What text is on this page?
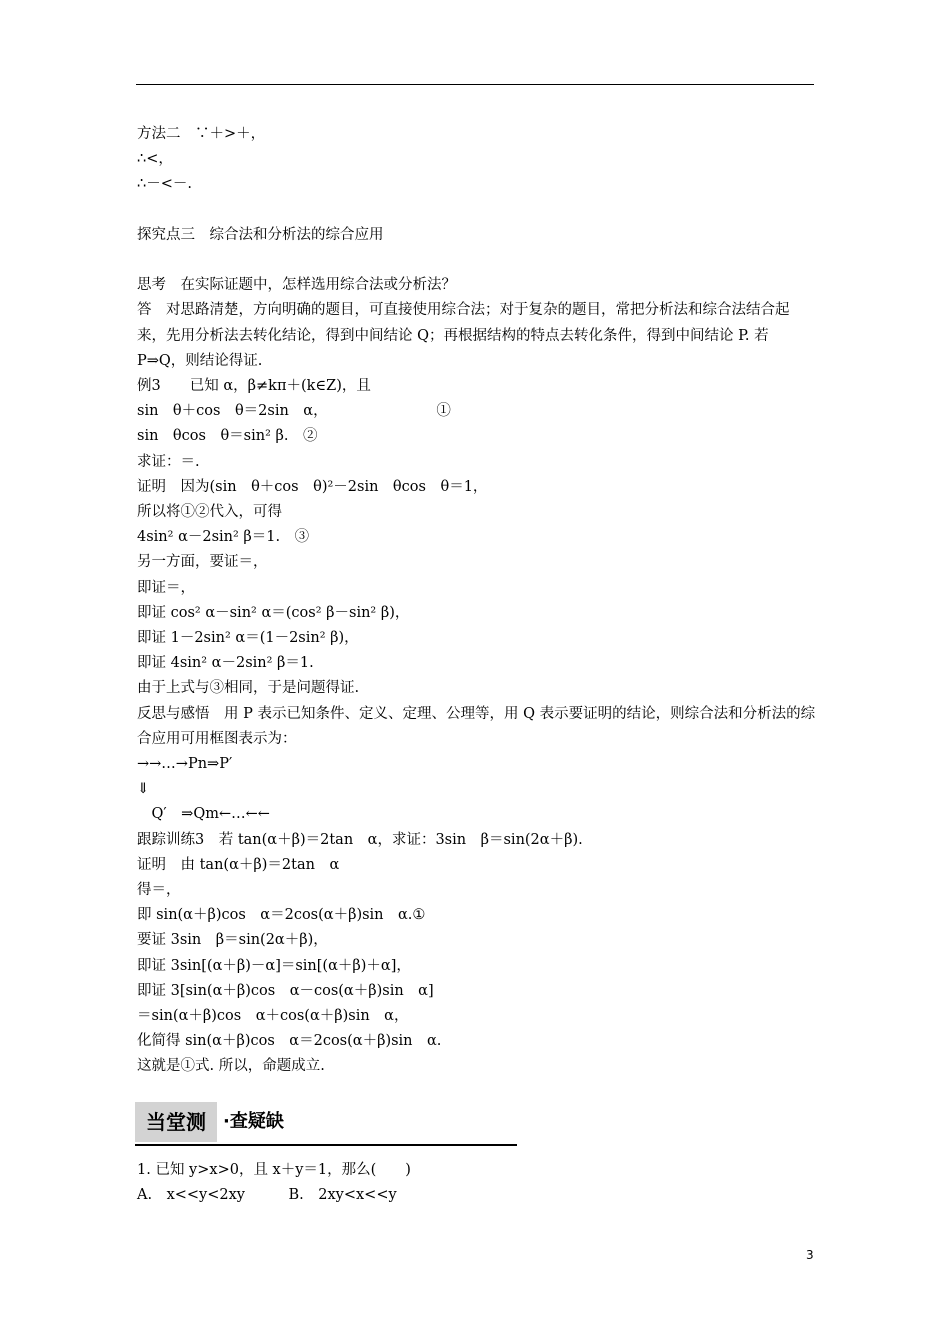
方法二　∵＋>＋，
∴<，
∴－<－.
探究点三　综合法和分析法的综合应用
思考　在实际证题中，怎样选用综合法或分析法？
答　对思路清楚，方向明确的题目，可直接使用综合法；对于复杂的题目，常把分析法和综合法结合起来，先用分析法去转化结论，得到中间结论 Q；再根据结构的特点去转化条件，得到中间结论 P. 若 P⇒Q，则结论得证.
例3　　已知 α，β≠kπ＋(k∈Z)，且
sin　θ＋cos　θ＝2sin　α，　　　　　　　　①
sin　θcos　θ＝sin² β.　②
求证：＝.
证明　因为(sin　θ＋cos　θ)²－2sin　θcos　θ＝1，
所以将①②代入，可得
4sin² α－2sin² β＝1.　③
另一方面，要证＝，
即证＝，
即证 cos² α－sin² α＝(cos² β－sin² β)，
即证 1－2sin² α＝(1－2sin² β)，
即证 4sin² α－2sin² β＝1.
由于上式与③相同，于是问题得证.
反思与感悟　用 P 表示已知条件、定义、定理、公理等，用 Q 表示要证明的结论，则综合法和分析法的综合应用可用框图表示为：
→→…→Pn⇒P′
⇓
　Q′　⇒Qm←…←←
跟踪训练3　若 tan(α＋β)＝2tan　α，求证：3sin　β＝sin(2α＋β).
证明　由 tan(α＋β)＝2tan　α
得＝，
即 sin(α＋β)cos　α＝2cos(α＋β)sin　α.①
要证 3sin　β＝sin(2α＋β)，
即证 3sin[(α＋β)－α]＝sin[(α＋β)＋α]，
即证 3[sin(α＋β)cos　α－cos(α＋β)sin　α]
＝sin(α＋β)cos　α＋cos(α＋β)sin　α，
化简得 sin(α＋β)cos　α＝2cos(α＋β)sin　α.
这就是①式. 所以，命题成立.
当堂测 ·查疑缺
1. 已知 y>x>0，且 x＋y＝1，那么(　　)
A.　x<<y<2xy　　　B.　2xy<x<<y
3
